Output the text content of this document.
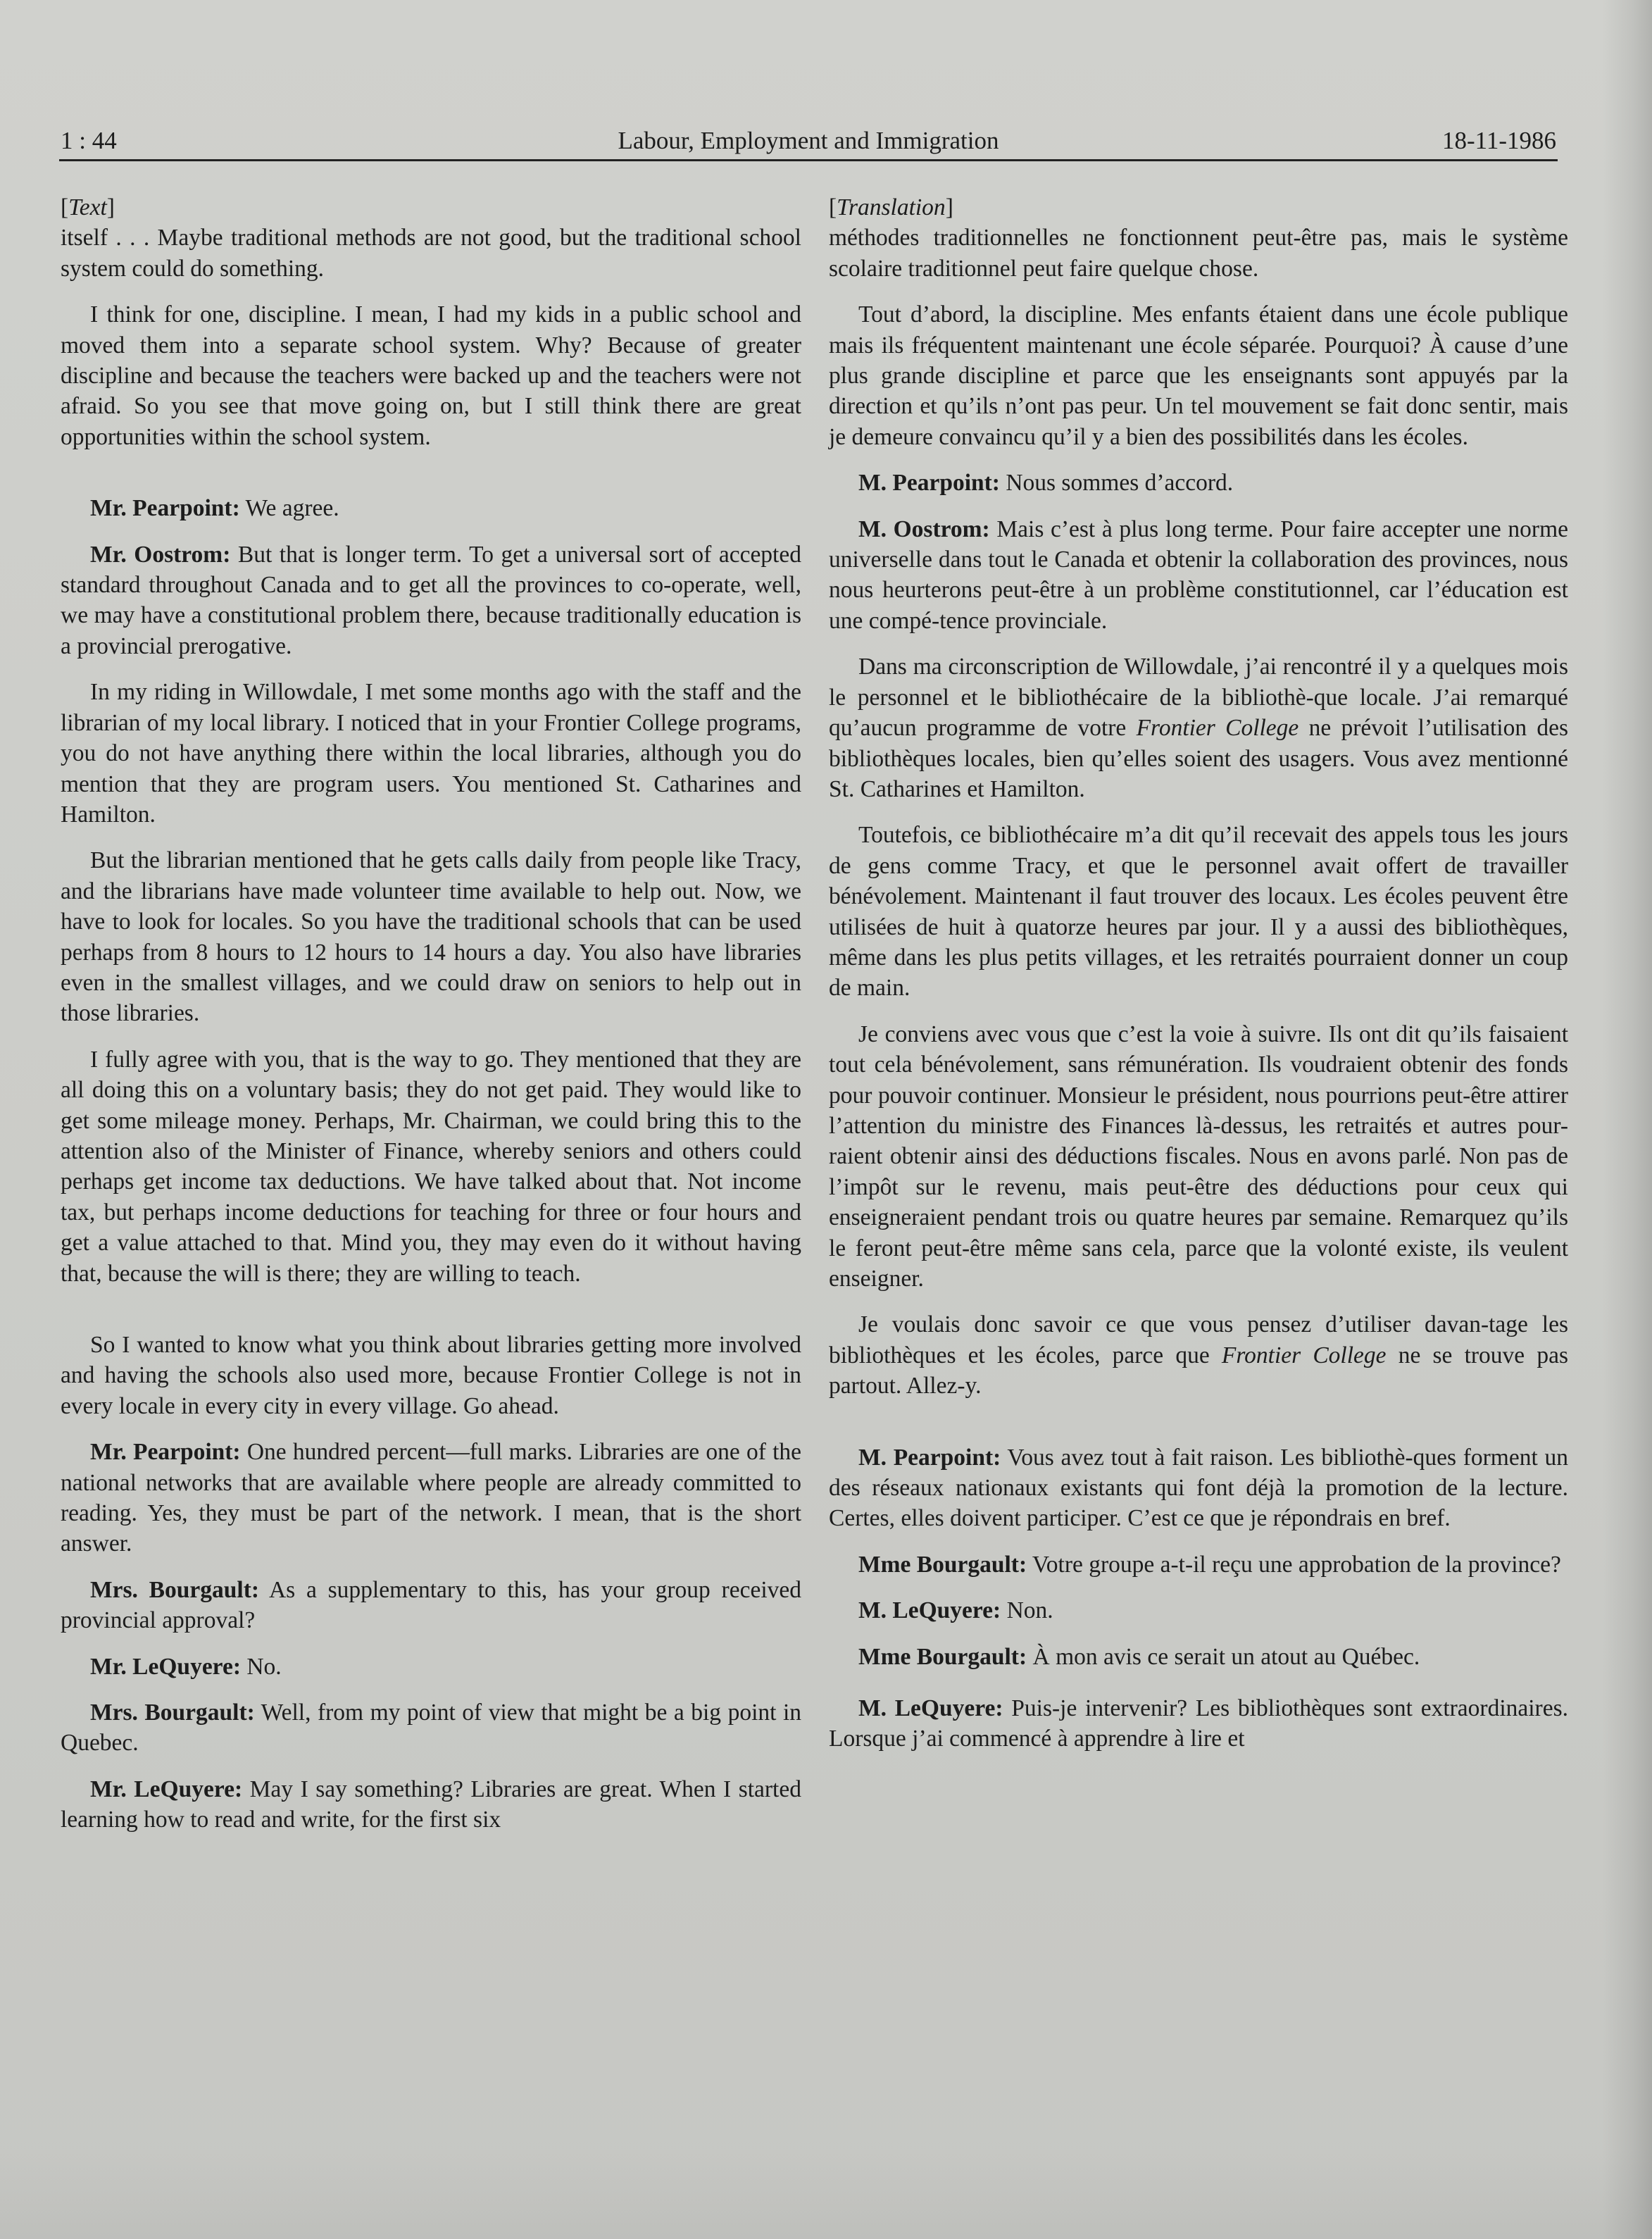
1 : 44	Labour, Employment and Immigration	18-11-1986

[Text]

itself . . . Maybe traditional methods are not good, but the traditional school system could do something.

I think for one, discipline. I mean, I had my kids in a public school and moved them into a separate school system. Why? Because of greater discipline and because the teachers were backed up and the teachers were not afraid. So you see that move going on, but I still think there are great opportunities within the school system.

Mr. Pearpoint: We agree.

Mr. Oostrom: But that is longer term. To get a universal sort of accepted standard throughout Canada and to get all the provinces to co-operate, well, we may have a constitutional problem there, because traditionally education is a provincial prerogative.

In my riding in Willowdale, I met some months ago with the staff and the librarian of my local library. I noticed that in your Frontier College programs, you do not have anything there within the local libraries, although you do mention that they are program users. You mentioned St. Catharines and Hamilton.

But the librarian mentioned that he gets calls daily from people like Tracy, and the librarians have made volunteer time available to help out. Now, we have to look for locales. So you have the traditional schools that can be used perhaps from 8 hours to 12 hours to 14 hours a day. You also have libraries even in the smallest villages, and we could draw on seniors to help out in those libraries.

I fully agree with you, that is the way to go. They mentioned that they are all doing this on a voluntary basis; they do not get paid. They would like to get some mileage money. Perhaps, Mr. Chairman, we could bring this to the attention also of the Minister of Finance, whereby seniors and others could perhaps get income tax deductions. We have talked about that. Not income tax, but perhaps income deductions for teaching for three or four hours and get a value attached to that. Mind you, they may even do it without having that, because the will is there; they are willing to teach.

So I wanted to know what you think about libraries getting more involved and having the schools also used more, because Frontier College is not in every locale in every city in every village. Go ahead.

Mr. Pearpoint: One hundred percent—full marks. Libraries are one of the national networks that are available where people are already committed to reading. Yes, they must be part of the network. I mean, that is the short answer.

Mrs. Bourgault: As a supplementary to this, has your group received provincial approval?

Mr. LeQuyere: No.

Mrs. Bourgault: Well, from my point of view that might be a big point in Quebec.

Mr. LeQuyere: May I say something? Libraries are great. When I started learning how to read and write, for the first six

[Translation]

méthodes traditionnelles ne fonctionnent peut-être pas, mais le système scolaire traditionnel peut faire quelque chose.

Tout d’abord, la discipline. Mes enfants étaient dans une école publique mais ils fréquentent maintenant une école séparée. Pourquoi? À cause d’une plus grande discipline et parce que les enseignants sont appuyés par la direction et qu’ils n’ont pas peur. Un tel mouvement se fait donc sentir, mais je demeure convaincu qu’il y a bien des possibilités dans les écoles.

M. Pearpoint: Nous sommes d’accord.

M. Oostrom: Mais c’est à plus long terme. Pour faire accepter une norme universelle dans tout le Canada et obtenir la collaboration des provinces, nous nous heurterons peut-être à un problème constitutionnel, car l’éducation est une compé-tence provinciale.

Dans ma circonscription de Willowdale, j’ai rencontré il y a quelques mois le personnel et le bibliothécaire de la bibliothè-que locale. J’ai remarqué qu’aucun programme de votre Frontier College ne prévoit l’utilisation des bibliothèques locales, bien qu’elles soient des usagers. Vous avez mentionné St. Catharines et Hamilton.

Toutefois, ce bibliothécaire m’a dit qu’il recevait des appels tous les jours de gens comme Tracy, et que le personnel avait offert de travailler bénévolement. Maintenant il faut trouver des locaux. Les écoles peuvent être utilisées de huit à quatorze heures par jour. Il y a aussi des bibliothèques, même dans les plus petits villages, et les retraités pourraient donner un coup de main.

Je conviens avec vous que c’est la voie à suivre. Ils ont dit qu’ils faisaient tout cela bénévolement, sans rémunération. Ils voudraient obtenir des fonds pour pouvoir continuer. Monsieur le président, nous pourrions peut-être attirer l’attention du ministre des Finances là-dessus, les retraités et autres pour-raient obtenir ainsi des déductions fiscales. Nous en avons parlé. Non pas de l’impôt sur le revenu, mais peut-être des déductions pour ceux qui enseigneraient pendant trois ou quatre heures par semaine. Remarquez qu’ils le feront peut-être même sans cela, parce que la volonté existe, ils veulent enseigner.

Je voulais donc savoir ce que vous pensez d’utiliser davan-tage les bibliothèques et les écoles, parce que Frontier College ne se trouve pas partout. Allez-y.

M. Pearpoint: Vous avez tout à fait raison. Les bibliothè-ques forment un des réseaux nationaux existants qui font déjà la promotion de la lecture. Certes, elles doivent participer. C’est ce que je répondrais en bref.

Mme Bourgault: Votre groupe a-t-il reçu une approbation de la province?

M. LeQuyere: Non.

Mme Bourgault: À mon avis ce serait un atout au Québec.

M. LeQuyere: Puis-je intervenir? Les bibliothèques sont extraordinaires. Lorsque j’ai commencé à apprendre à lire et
